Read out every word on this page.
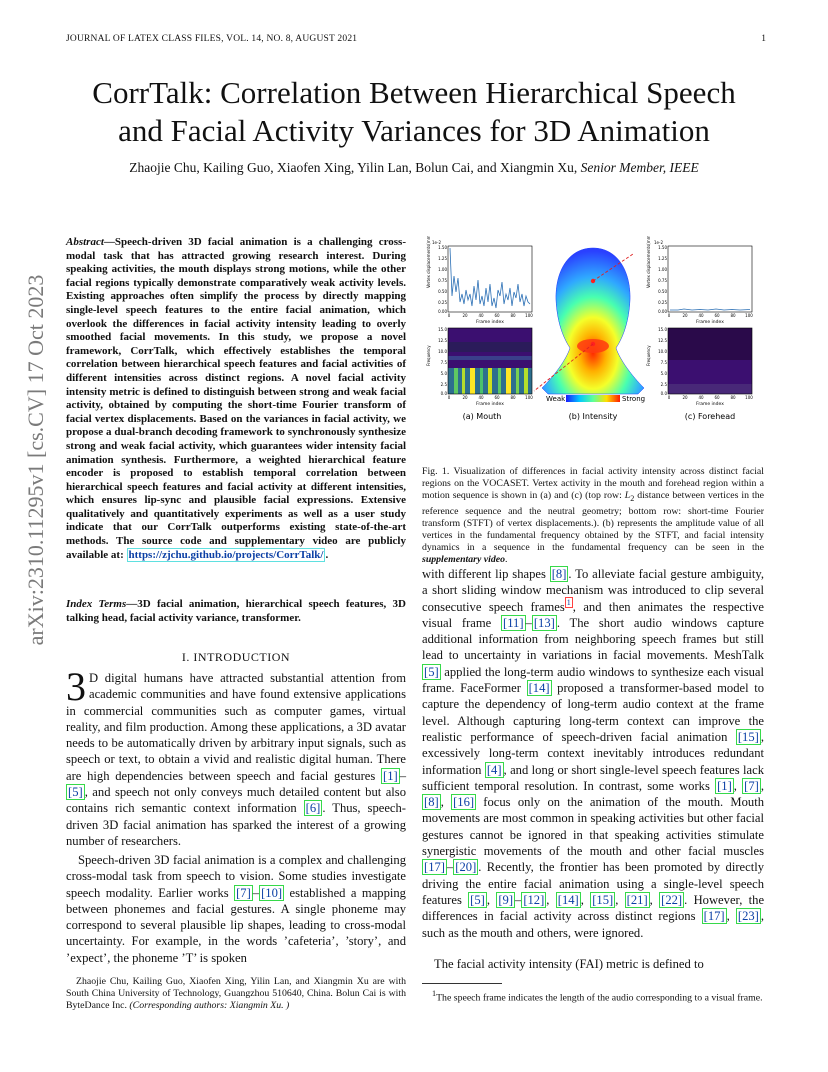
JOURNAL OF LATEX CLASS FILES, VOL. 14, NO. 8, AUGUST 2021	1
CorrTalk: Correlation Between Hierarchical Speech
and Facial Activity Variances for 3D Animation
Zhaojie Chu, Kailing Guo, Xiaofen Xing, Yilin Lan, Bolun Cai, and Xiangmin Xu, Senior Member, IEEE
arXiv:2310.11295v1 [cs.CV] 17 Oct 2023
Abstract—Speech-driven 3D facial animation is a challenging cross-modal task that has attracted growing research interest. During speaking activities, the mouth displays strong motions, while the other facial regions typically demonstrate comparatively weak activity levels. Existing approaches often simplify the process by directly mapping single-level speech features to the entire facial animation, which overlook the differences in facial activity intensity leading to overly smoothed facial movements. In this study, we propose a novel framework, CorrTalk, which effectively establishes the temporal correlation between hierarchical speech features and facial activities of different intensities across distinct regions. A novel facial activity intensity metric is defined to distinguish between strong and weak facial activity, obtained by computing the short-time Fourier transform of facial vertex displacements. Based on the variances in facial activity, we propose a dual-branch decoding framework to synchronously synthesize strong and weak facial activity, which guarantees wider intensity facial animation synthesis. Furthermore, a weighted hierarchical feature encoder is proposed to establish temporal correlation between hierarchical speech features and facial activity at different intensities, which ensures lip-sync and plausible facial expressions. Extensive qualitatively and quantitatively experiments as well as a user study indicate that our CorrTalk outperforms existing state-of-the-art methods. The source code and supplementary video are publicly available at: https://zjchu.github.io/projects/CorrTalk/ .
Index Terms—3D facial animation, hierarchical speech features, 3D talking head, facial activity variance, transformer.
I. INTRODUCTION
3 D digital humans have attracted substantial attention from academic communities and have found extensive applications in commercial communities such as computer games, virtual reality, and film production. Among these applications, a 3D avatar needs to be automatically driven by arbitrary input signals, such as speech or text, to obtain a vivid and realistic digital human. There are high dependencies between speech and facial gestures [1] –[5] , and speech not only conveys much detailed content but also contains rich semantic context information [6] . Thus, speech-driven 3D facial animation has sparked the interest of a growing number of researchers.
Speech-driven 3D facial animation is a complex and challenging cross-modal task from speech to vision. Some studies investigate speech modality. Earlier works [7] – [10] established a mapping between phonemes and facial gestures. A single phoneme may correspond to several plausible lip shapes, leading to cross-modal uncertainty. For example, in the words ’cafeteria’, ’story’, and ’expect’, the phoneme ’T’ is spoken
Zhaojie Chu, Kailing Guo, Xiaofen Xing, Yilin Lan, and Xiangmin Xu are with South China University of Technology, Guangzhou 510640, China. Bolun Cai is with ByteDance Inc. (Corresponding authors: Xiangmin Xu. )
1e-2
Vertex displacements(mm) 1.50
1.25
1.00
0.75
0.50
0.25
0.00
0	20	40	60	80 100
Frame index
Frequency
15.0
12.5
10.0
7.5
5.0
2.5
0.0
0	20	40	60	80 100
Frame index
(a) Mouth
Weak	Strong
(b) Intensity
1e-2
Vertex displacements(mm) 1.50
1.25
1.00
0.75
0.50
0.25
0.00
0	20	40	60	80 100
Frame index
Frequency
15.0
12.5
10.0
7.5
5.0
2.5
0.0
0	20	40	60	80 100
Frame index
(c) Forehead
Fig. 1. Visualization of differences in facial activity intensity across distinct facial regions on the VOCASET. Vertex activity in the mouth and forehead region within a motion sequence is shown in (a) and (c) (top row: $L_2$ distance between vertices in the reference sequence and the neutral geometry; bottom row: short-time Fourier transform (STFT) of vertex displacements.). (b) represents the amplitude value of all vertices in the fundamental frequency obtained by the STFT, and facial intensity dynamics in a sequence in the fundamental frequency can be seen in the supplementary video.
with different lip shapes [8] . To alleviate facial gesture ambiguity, a short sliding window mechanism was introduced to clip several consecutive speech frames $^1$ , and then animates the respective visual frame [11] – [13] . The short audio windows capture additional information from neighboring speech frames but still lead to uncertainty in variations in facial movements. MeshTalk [5] applied the long-term audio windows to synthesize each visual frame. FaceFormer [14] proposed a transformer-based model to capture the dependency of long-term audio context at the frame level. Although capturing long-term context can improve the realistic performance of speech-driven facial animation [15] , excessively long-term context inevitably introduces redundant information [4] , and long or short single-level speech features lack sufficient temporal resolution. In contrast, some works [1] , [7] , [8] , [16] focus only on the animation of the mouth. Mouth movements are most common in speaking activities but other facial gestures cannot be ignored in that speaking activities stimulate synergistic movements of the mouth and other facial muscles [17] – [20] . Recently, the frontier has been promoted by directly driving the entire facial animation using a single-level speech features [5] , [9] – [12] , [14] , [15] , [21] , [22] . However, the differences in facial activity across distinct regions [17] , [23] , such as the mouth and others, were ignored.
The facial activity intensity (FAI) metric is defined to
$^1$The speech frame indicates the length of the audio corresponding to a visual frame.
